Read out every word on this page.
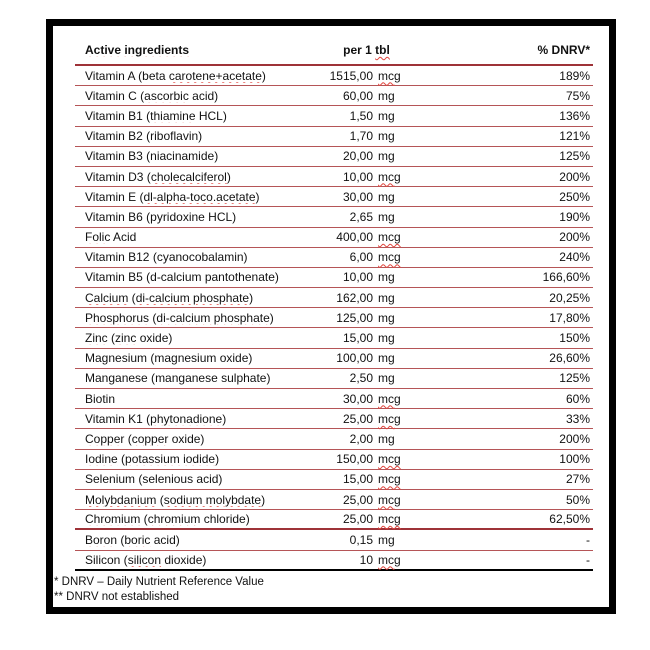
Active ingredients	per 1 tbl	% DNRV*
Vitamin A (beta carotene+acetate)	1515,00 mcg	189%
Vitamin C (ascorbic acid)	60,00 mg	75%
Vitamin B1 (thiamine HCL)	1,50 mg	136%
Vitamin B2 (riboflavin)	1,70 mg	121%
Vitamin B3 (niacinamide)	20,00 mg	125%
Vitamin D3 (cholecalciferol)	10,00 mcg	200%
Vitamin E (dl-alpha-toco.acetate)	30,00 mg	250%
Vitamin B6 (pyridoxine HCL)	2,65 mg	190%
Folic Acid	400,00 mcg	200%
Vitamin B12 (cyanocobalamin)	6,00 mcg	240%
Vitamin B5 (d-calcium pantothenate)	10,00 mg	166,60%
Calcium (di-calcium phosphate)	162,00 mg	20,25%
Phosphorus (di-calcium phosphate)	125,00 mg	17,80%
Zinc (zinc oxide)	15,00 mg	150%
Magnesium (magnesium oxide)	100,00 mg	26,60%
Manganese (manganese sulphate)	2,50 mg	125%
Biotin	30,00 mcg	60%
Vitamin K1 (phytonadione)	25,00 mcg	33%
Copper (copper oxide)	2,00 mg	200%
Iodine (potassium iodide)	150,00 mcg	100%
Selenium (selenious acid)	15,00 mcg	27%
Molybdanium (sodium molybdate)	25,00 mcg	50%
Chromium (chromium chloride)	25,00 mcg	62,50%
Boron (boric acid)	0,15 mg	-
Silicon (silicon dioxide)	10 mcg	-
* DNRV – Daily Nutrient Reference Value
** DNRV not established
